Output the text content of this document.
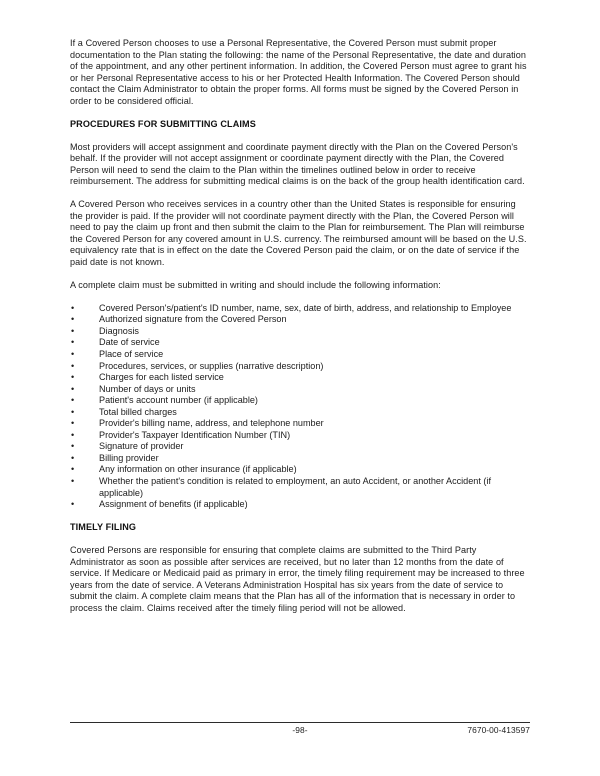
If a Covered Person chooses to use a Personal Representative, the Covered Person must submit proper documentation to the Plan stating the following: the name of the Personal Representative, the date and duration of the appointment, and any other pertinent information. In addition, the Covered Person must agree to grant his or her Personal Representative access to his or her Protected Health Information. The Covered Person should contact the Claim Administrator to obtain the proper forms. All forms must be signed by the Covered Person in order to be considered official.

PROCEDURES FOR SUBMITTING CLAIMS

Most providers will accept assignment and coordinate payment directly with the Plan on the Covered Person's behalf. If the provider will not accept assignment or coordinate payment directly with the Plan, the Covered Person will need to send the claim to the Plan within the timelines outlined below in order to receive reimbursement. The address for submitting medical claims is on the back of the group health identification card.

A Covered Person who receives services in a country other than the United States is responsible for ensuring the provider is paid. If the provider will not coordinate payment directly with the Plan, the Covered Person will need to pay the claim up front and then submit the claim to the Plan for reimbursement. The Plan will reimburse the Covered Person for any covered amount in U.S. currency. The reimbursed amount will be based on the U.S. equivalency rate that is in effect on the date the Covered Person paid the claim, or on the date of service if the paid date is not known.

A complete claim must be submitted in writing and should include the following information:

•	Covered Person's/patient's ID number, name, sex, date of birth, address, and relationship to Employee
•	Authorized signature from the Covered Person
•	Diagnosis
•	Date of service
•	Place of service
•	Procedures, services, or supplies (narrative description)
•	Charges for each listed service
•	Number of days or units
•	Patient's account number (if applicable)
•	Total billed charges
•	Provider's billing name, address, and telephone number
•	Provider's Taxpayer Identification Number (TIN)
•	Signature of provider
•	Billing provider
•	Any information on other insurance (if applicable)
•	Whether the patient's condition is related to employment, an auto Accident, or another Accident (if applicable)
•	Assignment of benefits (if applicable)
TIMELY FILING

Covered Persons are responsible for ensuring that complete claims are submitted to the Third Party Administrator as soon as possible after services are received, but no later than 12 months from the date of service. If Medicare or Medicaid paid as primary in error, the timely filing requirement may be increased to three years from the date of service. A Veterans Administration Hospital has six years from the date of service to submit the claim. A complete claim means that the Plan has all of the information that is necessary in order to process the claim. Claims received after the timely filing period will not be allowed.

-98-	7670-00-413597
